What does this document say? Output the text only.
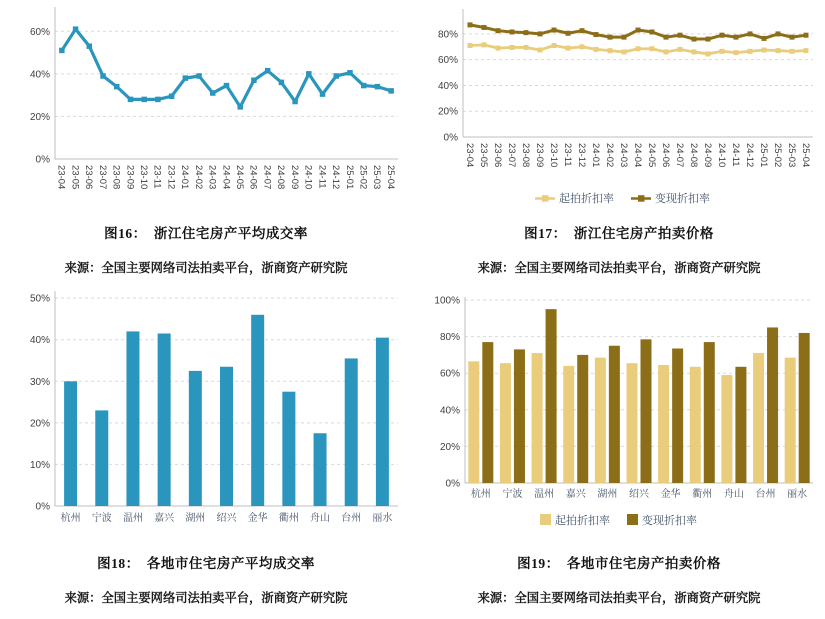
0%
20%
40%
60%
23-04 23-05 23-06 23-07 23-08 23-09 23-10 23-11 23-12 24-01 24-02 24-03 24-04 24-05 24-06 24-07 24-08 24-09 24-10 24-11 24-12 25-01 25-02 25-03 25-04
0%
20%
40%
60%
80%
23-04 23-05 23-06 23-07 23-08 23-09 23-10 23-11 23-12 24-01 24-02 24-03 24-04 24-05 24-06 24-07 24-08 24-09 24-10 24-11 24-12 25-01 25-02 25-03 25-04
起拍折扣率	变现折扣率
图16：　浙江住宅房产平均成交率	图17：　浙江住宅房产拍卖价格
来源：全国主要网络司法拍卖平台，浙商资产研究院	来源：全国主要网络司法拍卖平台，浙商资产研究院
0%
10%
20%
30%
40%
50%
杭州 宁波 温州 嘉兴 湖州 绍兴 金华 衢州 舟山 台州 丽水
0%
20%
40%
60%
80%
100%
杭州 宁波 温州 嘉兴 湖州 绍兴 金华 衢州 舟山 台州 丽水
起拍折扣率	变现折扣率
图18：　各地市住宅房产平均成交率	图19：　各地市住宅房产拍卖价格
来源：全国主要网络司法拍卖平台，浙商资产研究院	来源：全国主要网络司法拍卖平台，浙商资产研究院
